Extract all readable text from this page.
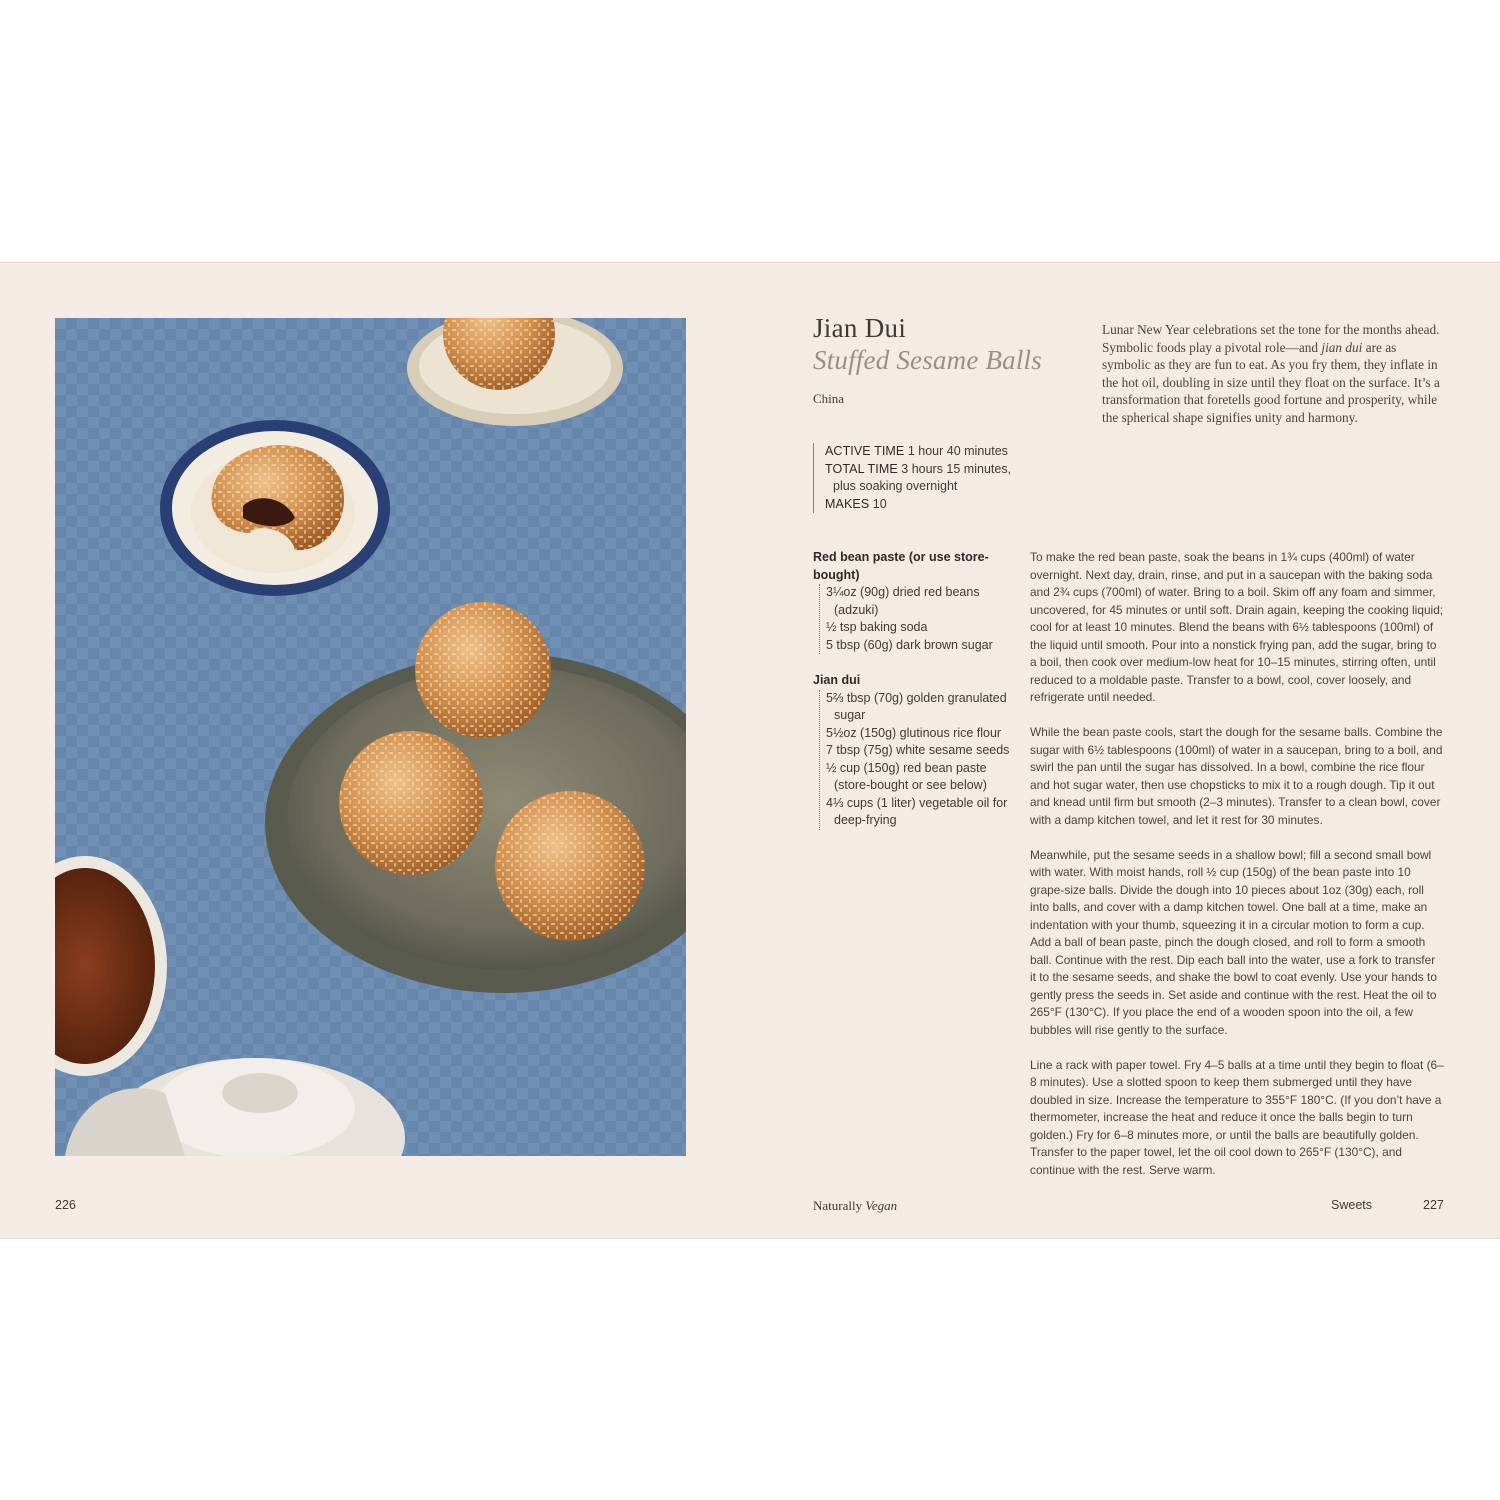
Jian Dui
Stuffed Sesame Balls
China
Lunar New Year celebrations set the tone for the months ahead. Symbolic foods play a pivotal role—and jian dui are as symbolic as they are fun to eat. As you fry them, they inflate in the hot oil, doubling in size until they float on the surface. It’s a transformation that foretells good fortune and prosperity, while the spherical shape signifies unity and harmony.
ACTIVE TIME 1 hour 40 minutes
TOTAL TIME 3 hours 15 minutes,
plus soaking overnight
MAKES 10
Red bean paste (or use store-bought)
3¼oz (90g) dried red beans (adzuki)
½ tsp baking soda
5 tbsp (60g) dark brown sugar
Jian dui
5⅔ tbsp (70g) golden granulated sugar
5½oz (150g) glutinous rice flour
7 tbsp (75g) white sesame seeds
½ cup (150g) red bean paste (store-bought or see below)
4⅓ cups (1 liter) vegetable oil for deep-frying

To make the red bean paste, soak the beans in 1¾ cups (400ml) of water overnight. Next day, drain, rinse, and put in a saucepan with the baking soda and 2¾ cups (700ml) of water. Bring to a boil. Skim off any foam and simmer, uncovered, for 45 minutes or until soft. Drain again, keeping the cooking liquid; cool for at least 10 minutes. Blend the beans with 6½ tablespoons (100ml) of the liquid until smooth. Pour into a nonstick frying pan, add the sugar, bring to a boil, then cook over medium-low heat for 10–15 minutes, stirring often, until reduced to a moldable paste. Transfer to a bowl, cool, cover loosely, and refrigerate until needed.

While the bean paste cools, start the dough for the sesame balls. Combine the sugar with 6½ tablespoons (100ml) of water in a saucepan, bring to a boil, and swirl the pan until the sugar has dissolved. In a bowl, combine the rice flour and hot sugar water, then use chopsticks to mix it to a rough dough. Tip it out and knead until firm but smooth (2–3 minutes). Transfer to a clean bowl, cover with a damp kitchen towel, and let it rest for 30 minutes.

Meanwhile, put the sesame seeds in a shallow bowl; fill a second small bowl with water. With moist hands, roll ½ cup (150g) of the bean paste into 10 grape-size balls. Divide the dough into 10 pieces about 1oz (30g) each, roll into balls, and cover with a damp kitchen towel. One ball at a time, make an indentation with your thumb, squeezing it in a circular motion to form a cup. Add a ball of bean paste, pinch the dough closed, and roll to form a smooth ball. Continue with the rest. Dip each ball into the water, use a fork to transfer it to the sesame seeds, and shake the bowl to coat evenly. Use your hands to gently press the seeds in. Set aside and continue with the rest. Heat the oil to 265°F (130°C). If you place the end of a wooden spoon into the oil, a few bubbles will rise gently to the surface.

Line a rack with paper towel. Fry 4–5 balls at a time until they begin to float (6–8 minutes). Use a slotted spoon to keep them submerged until they have doubled in size. Increase the temperature to 355°F 180°C. (If you don’t have a thermometer, increase the heat and reduce it once the balls begin to turn golden.) Fry for 6–8 minutes more, or until the balls are beautifully golden. Transfer to the paper towel, let the oil cool down to 265°F (130°C), and continue with the rest. Serve warm.

226	Naturally Vegan	Sweets	227
